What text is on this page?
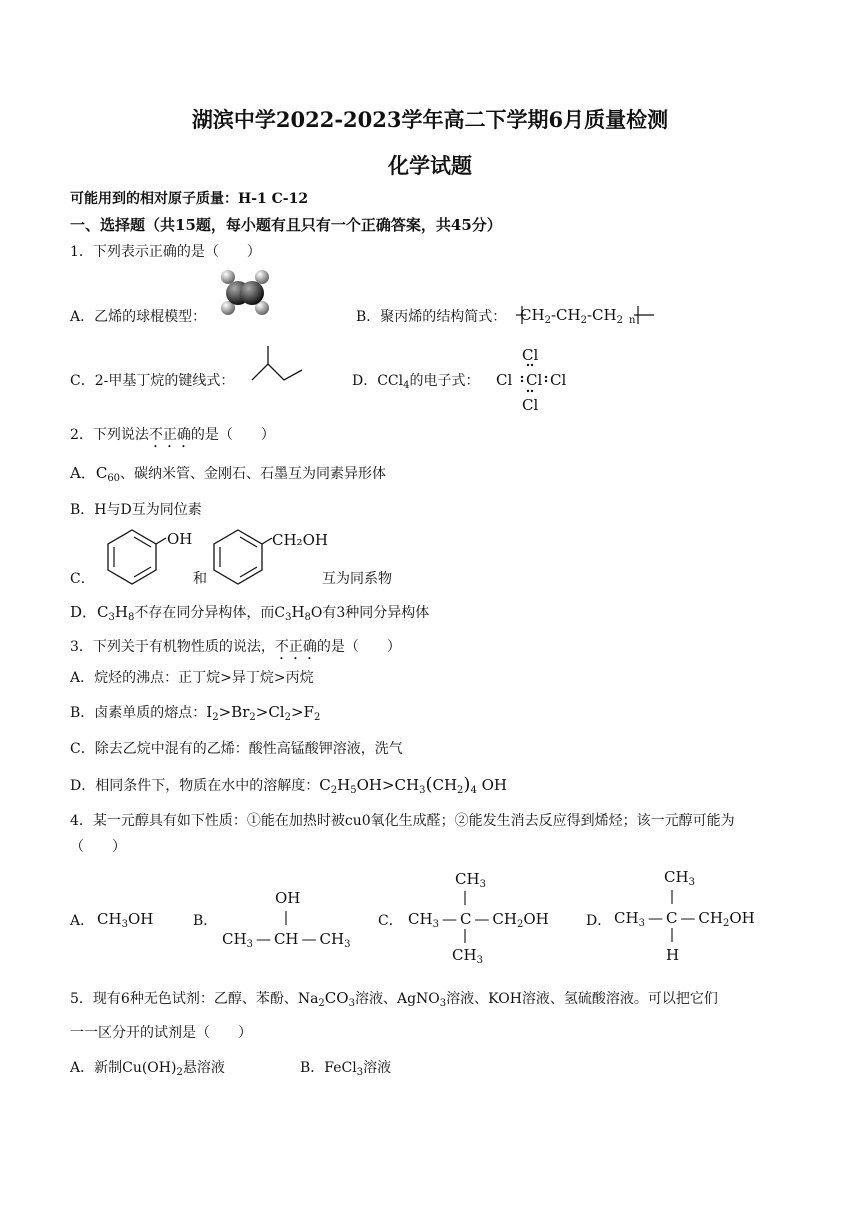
湖滨中学2022-2023学年高二下学期6月质量检测
化学试题
可能用到的相对原子质量：H-1 C-12
一、选择题（共15题，每小题有且只有一个正确答案，共45分）
1．下列表示正确的是（　　）
A．乙烯的球棍模型：	B．聚丙烯的结构简式： $CH_2-CH_2-CH_2$ $_n$
C．2-甲基丁烷的键线式：	D．CCl$_4$的电子式：
Cl
Cl Cl Cl
Cl
2．下列说法不正确的是（　　）
A．$C_{60}$、碳纳米管、金刚石、石墨互为同素异形体
B．H与D互为同位素
C．
OH
和
CH₂OH
互为同系物
D．$C_3H_8$不存在同分异构体，而$C_3H_8O$有3种同分异构体
3．下列关于有机物性质的说法，不正确的是（　　）
A．烷烃的沸点：正丁烷>异丁烷>丙烷
B．卤素单质的熔点：$I_2>Br_2>Cl_2>F_2$
C．除去乙烷中混有的乙烯：酸性高锰酸钾溶液，洗气
D．相同条件下，物质在水中的溶解度：$C_2H_5OH>CH_3(CH_2)_4$ OH
4．某一元醇具有如下性质：①能在加热时被cu0氧化生成醛；②能发生消去反应得到烯烃；该一元醇可能为
（　　）
A． $CH_3OH$	B．
OH
$CH_3$ — CH — $CH_3$
C．
$CH_3$
$CH_3$ — C — $CH_2OH$
$CH_3$
D．
$CH_3$
$CH_3$ — C — $CH_2OH$
H
5．现有6种无色试剂：乙醇、苯酚、$Na_2CO_3$溶液、AgNO$_3$溶液、KOH溶液、氢硫酸溶液。可以把它们
一一区分开的试剂是（　　）
A．新制$Cu(OH)_2$悬溶液	B．FeCl$_3$溶液
